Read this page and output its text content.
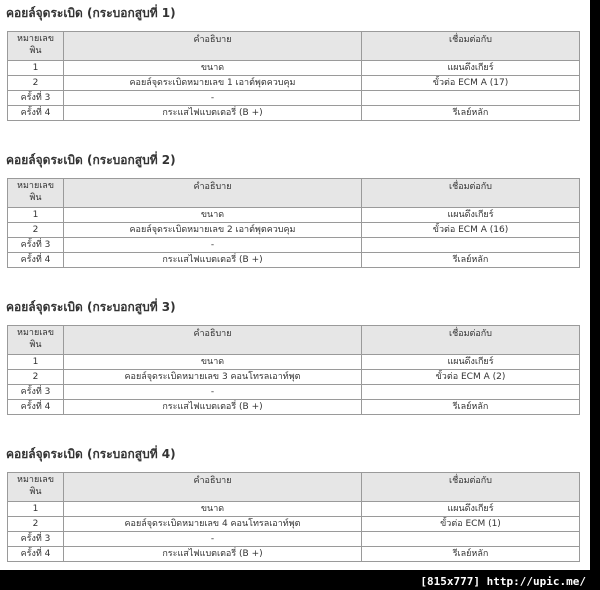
คอยล์จุดระเบิด (กระบอกสูบที่ 1)
หมายเลขพิน	คำอธิบาย	เชื่อมต่อกับ
1	ขนาด	แผนดึงเกียร์
2	คอยล์จุดระเบิดหมายเลข 1 เอาต์พุตควบคุม	ขั้วต่อ ECM A (17)
ครั้งที่ 3	-	
ครั้งที่ 4	กระแสไฟแบตเตอรี่ (B +)	รีเลย์หลัก
คอยล์จุดระเบิด (กระบอกสูบที่ 2)
หมายเลขพิน	คำอธิบาย	เชื่อมต่อกับ
1	ขนาด	แผนดึงเกียร์
2	คอยล์จุดระเบิดหมายเลข 2 เอาต์พุตควบคุม	ขั้วต่อ ECM A (16)
ครั้งที่ 3	-	
ครั้งที่ 4	กระแสไฟแบตเตอรี่ (B +)	รีเลย์หลัก
คอยล์จุดระเบิด (กระบอกสูบที่ 3)
หมายเลขพิน	คำอธิบาย	เชื่อมต่อกับ
1	ขนาด	แผนดึงเกียร์
2	คอยล์จุดระเบิดหมายเลข 3 คอนโทรลเอาท์พุต	ขั้วต่อ ECM A (2)
ครั้งที่ 3	-	
ครั้งที่ 4	กระแสไฟแบตเตอรี่ (B +)	รีเลย์หลัก
คอยล์จุดระเบิด (กระบอกสูบที่ 4)
หมายเลขพิน	คำอธิบาย	เชื่อมต่อกับ
1	ขนาด	แผนดึงเกียร์
2	คอยล์จุดระเบิดหมายเลข 4 คอนโทรลเอาท์พุต	ขั้วต่อ ECM (1)
ครั้งที่ 3	-	
ครั้งที่ 4	กระแสไฟแบตเตอรี่ (B +)	รีเลย์หลัก
[815x777] http://upic.me/
